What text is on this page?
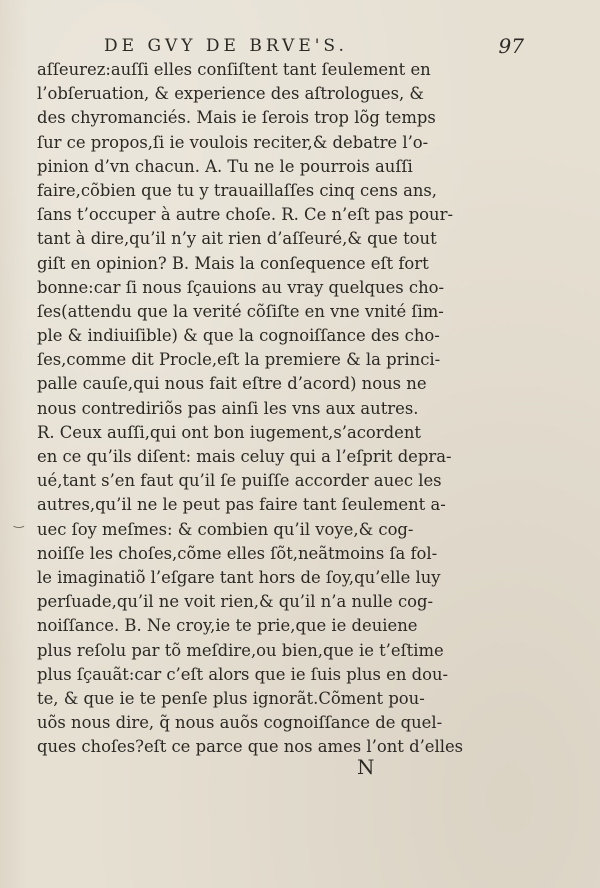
DE GVY DE BRVE'S.	97
aſſeurez:auſſi elles conſiſtent tant ſeulement en
l’obſeruation, & experience des aſtrologues, &
des chyromanciés. Mais ie ſerois trop lõg temps
ſur ce propos,ſi ie voulois reciter,& debatre l’o-
pinion d’vn chacun. A. Tu ne le pourrois auſſi
faire,cõbien que tu y trauaillaſſes cinq cens ans,
ſans t’occuper à autre choſe. R. Ce n’eſt pas pour-
tant à dire,qu’il n’y ait rien d’aſſeuré,& que tout
giſt en opinion? B. Mais la conſequence eſt fort
bonne:car ſi nous ſçauions au vray quelques cho-
ſes(attendu que la verité cõſiſte en vne vnité ſim-
ple & indiuiſible) & que la cognoiſſance des cho-
ſes,comme dit Procle,eſt la premiere & la princi-
palle cauſe,qui nous fait eſtre d’acord) nous ne
nous contrediriõs pas ainſi les vns aux autres.
R. Ceux auſſi,qui ont bon iugement,s’acordent
en ce qu’ils diſent: mais celuy qui a l’eſprit depra-
ué,tant s’en faut qu’il ſe puiſſe accorder auec les
autres,qu’il ne le peut pas faire tant ſeulement a-
uec ſoy meſmes: & combien qu’il voye,& cog-
noiſſe les choſes,cõme elles ſõt,neãtmoins ſa fol-
le imaginatiõ l’eſgare tant hors de ſoy,qu’elle luy
perſuade,qu’il ne voit rien,& qu’il n’a nulle cog-
noiſſance. B. Ne croy,ie te prie,que ie deuiene
plus reſolu par tõ meſdire,ou bien,que ie t’eſtime
plus ſçauãt:car c’eſt alors que ie ſuis plus en dou-
te, & que ie te penſe plus ignorãt.Cõment pou-
uõs nous dire, q̃ nous auõs cognoiſſance de quel-
ques choſes?eſt ce parce que nos ames l’ont d’elles
‿
N
